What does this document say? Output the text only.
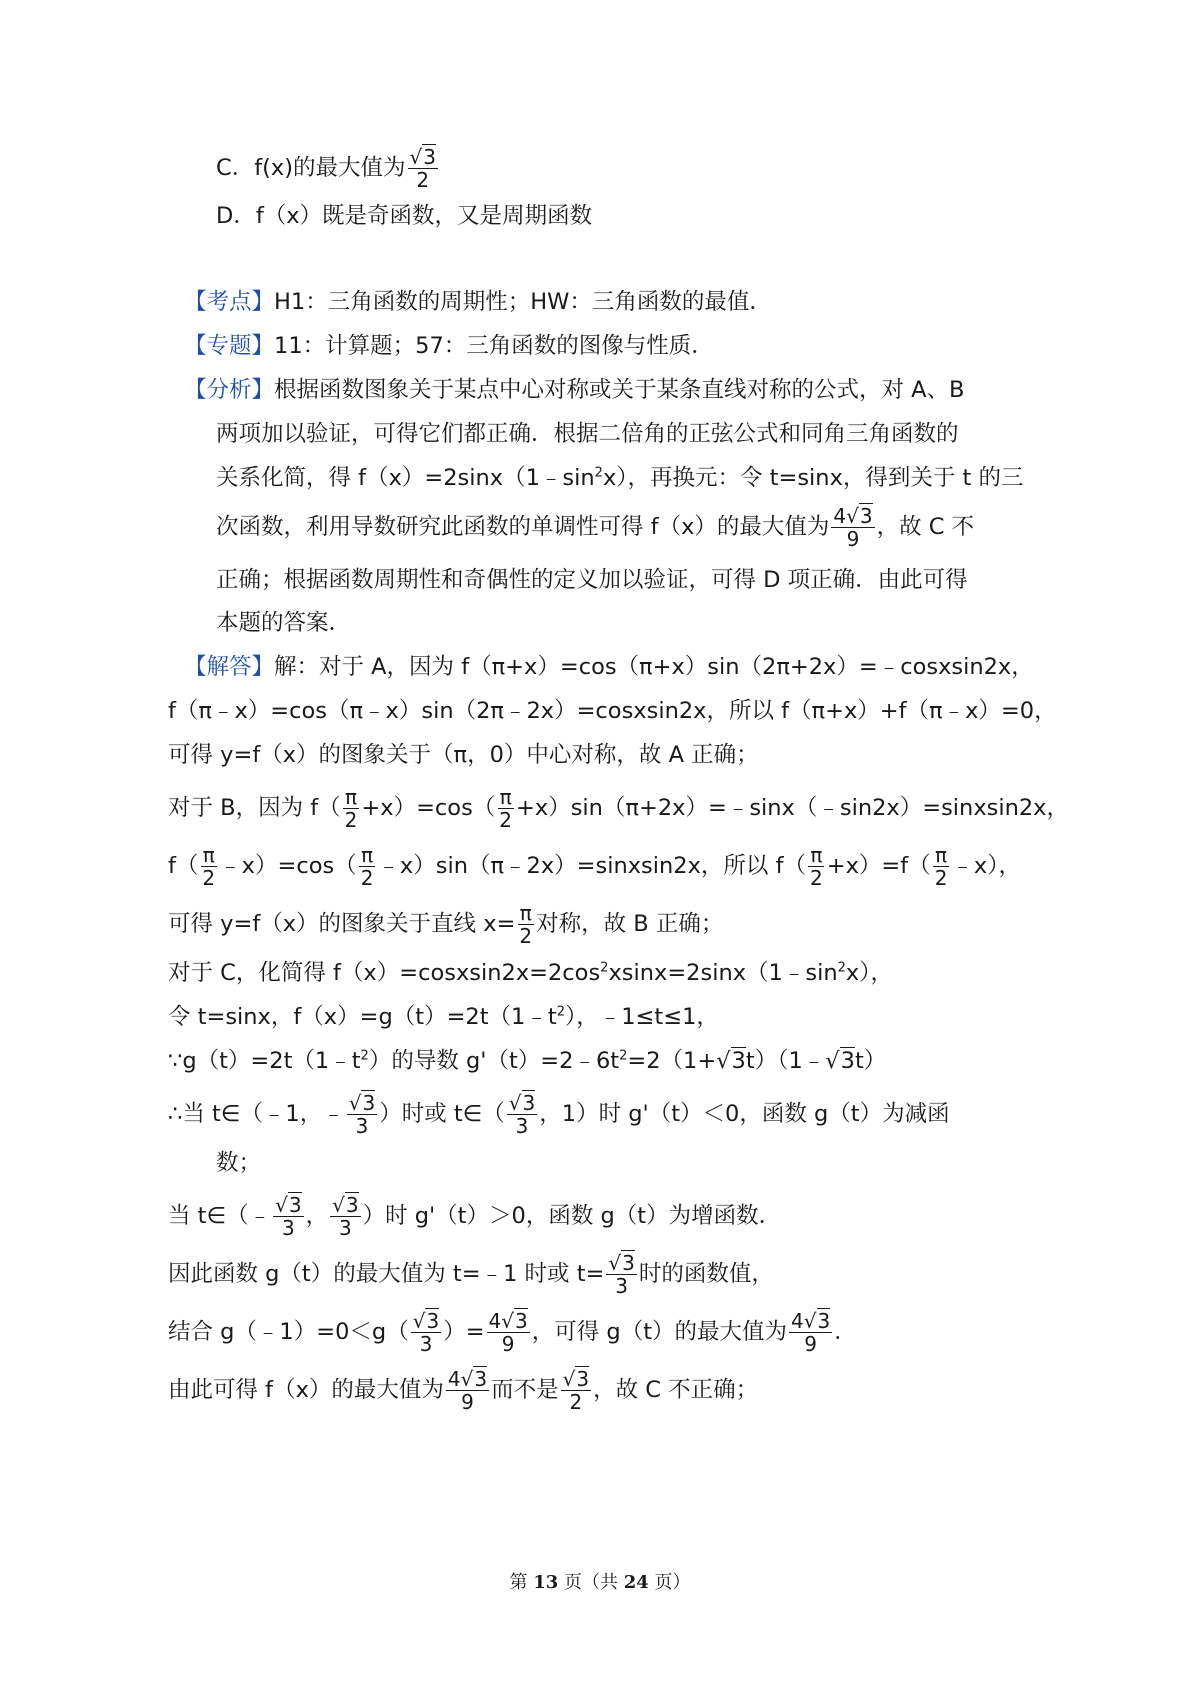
C．f(x)的最大值为 $\frac{√3}{2}$
D．f（x）既是奇函数，又是周期函数
【考点】H1：三角函数的周期性；HW：三角函数的最值．
【专题】11：计算题；57：三角函数的图像与性质．
【分析】根据函数图象关于某点中心对称或关于某条直线对称的公式，对 A、B
两项加以验证，可得它们都正确．根据二倍角的正弦公式和同角三角函数的
关系化简，得 $f(x)=2\sin x(1﹣\sin^2x)$，再换元：令 t=sinx，得到关于 t 的三
次函数，利用导数研究此函数的单调性可得 f（x）的最大值为 $\frac{4√3}{9}$ ，故 C 不
正确；根据函数周期性和奇偶性的定义加以验证，可得 D 项正确．由此可得
本题的答案．
【解答】解：对于 A，因为 f（π+x）=cos（π+x）sin（2π+2x）=﹣cosxsin2x，
f（π﹣x）=cos（π﹣x）sin（2π﹣2x）=cosxsin2x，所以 f（π+x）+f（π﹣x）=0，
可得 y=f（x）的图象关于（π，0）中心对称，故 A 正确；
对于 B，因为 $f( \frac{\pi}{2} +x)=\cos( \frac{\pi}{2}$ +x）sin（π+2x）=﹣sinx（﹣sin2x）=sinxsin2x，
$f( \frac{\pi}{2}$ ﹣x）=cos（ $\frac{\pi}{2}$ ﹣x）sin（π﹣2x）=sinxsin2x，所以 $f( \frac{\pi}{2} +x)=f( \frac{\pi}{2}$ ﹣x），
可得 y=f（x）的图象关于直线 $x= \frac{\pi}{2}$ 对称，故 B 正确；
对于 C，化简得 $f(x)=cosxsin2x=2\cos^2xsinx=2\sin x(1﹣\sin^2x)$，
令 t=sinx，$f(x)=g(t)=2t(1﹣t^2)$，﹣1≤t≤1，
$\because g(t)=2t(1﹣t^2)$的导数 $g'(t)=2﹣6t^2=2(1+√3t)(1﹣√3t)$
∴当 t∈（﹣1，﹣ $\frac{√3}{3}$ ）时或 t∈（ $\frac{√3}{3}$ ，1）时 g'（t）＜0，函数 g（t）为减函
数；
当 t∈（﹣ $\frac{√3}{3}$ ， $\frac{√3}{3}$ ）时 g'（t）＞0，函数 g（t）为增函数．
因此函数 g（t）的最大值为 t=﹣1 时或 $t= \frac{√3}{3}$ 时的函数值，
结合 g（﹣1）=0＜g（ $\frac{√3}{3}$ ）= $\frac{4√3}{9}$ ，可得 g（t）的最大值为 $\frac{4√3}{9}$ ．
由此可得 f（x）的最大值为 $\frac{4√3}{9}$ 而不是 $\frac{√3}{2}$ ，故 C 不正确；
第 13 页（共 24 页）
